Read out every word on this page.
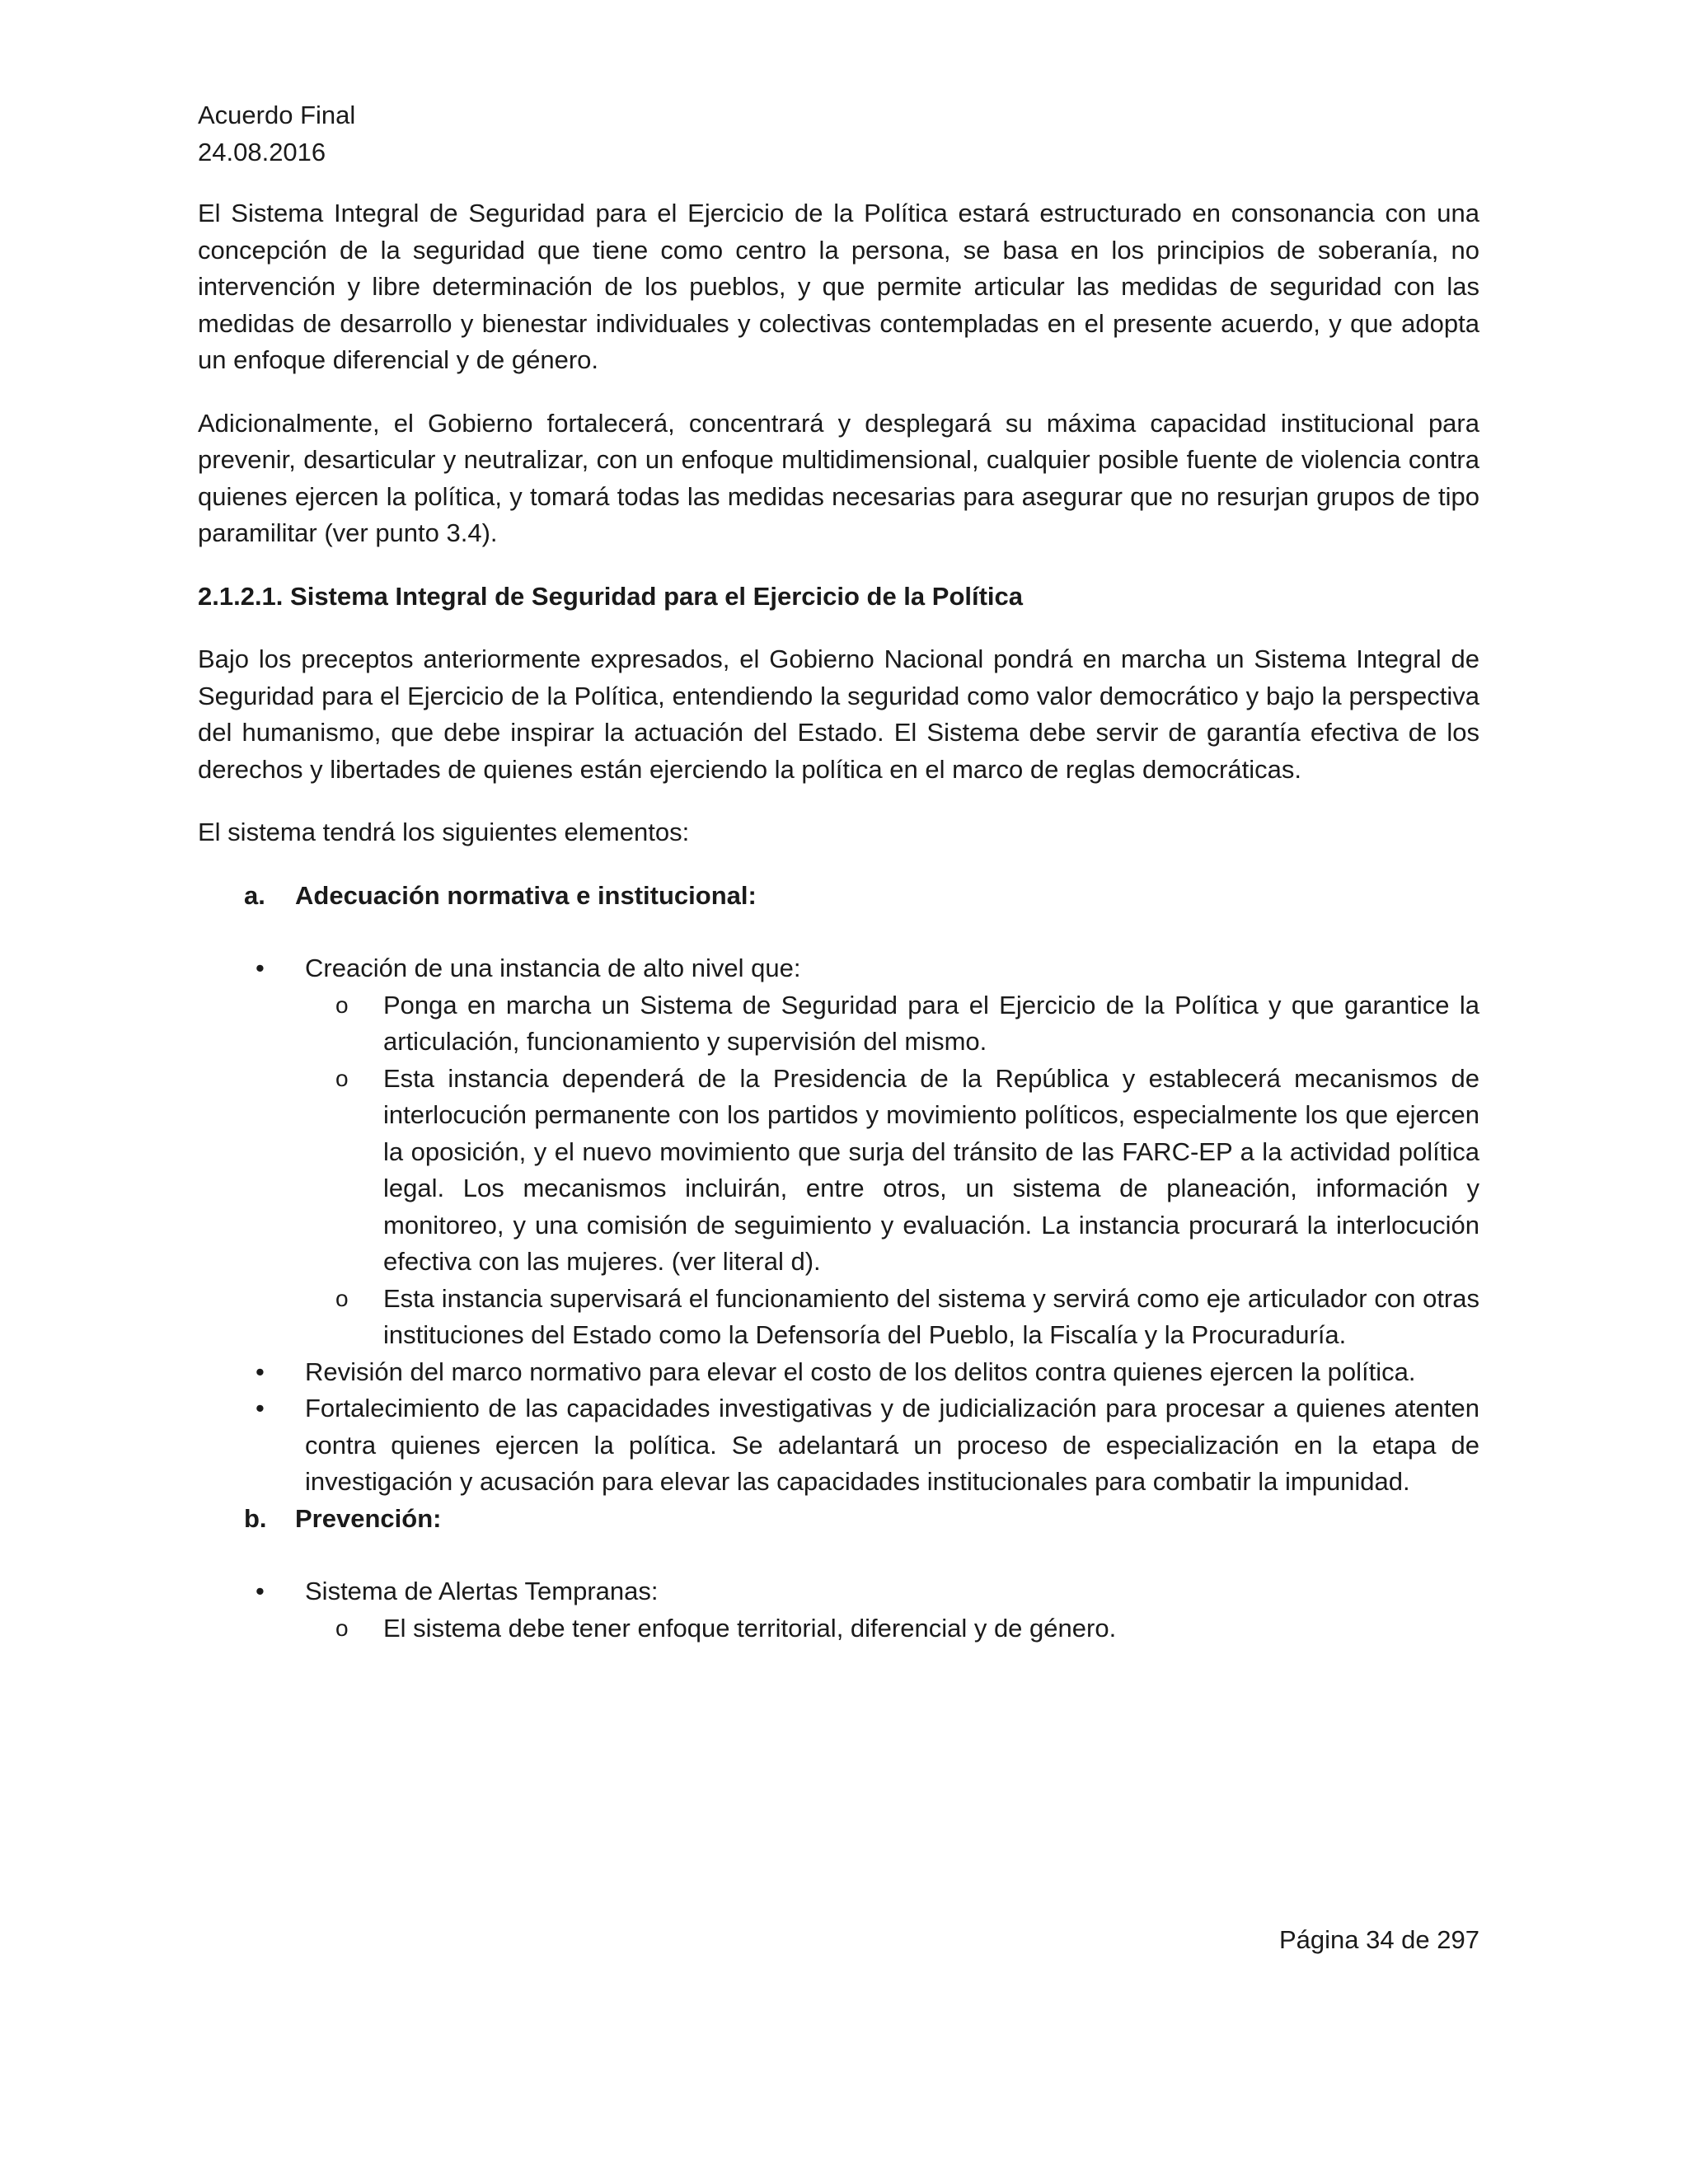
Acuerdo Final
24.08.2016

El Sistema Integral de Seguridad para el Ejercicio de la Política estará estructurado en consonancia con una concepción de la seguridad que tiene como centro la persona, se basa en los principios de soberanía, no intervención y libre determinación de los pueblos, y que permite articular las medidas de seguridad con las medidas de desarrollo y bienestar individuales y colectivas contempladas en el presente acuerdo, y que adopta un enfoque diferencial y de género.

Adicionalmente, el Gobierno fortalecerá, concentrará y desplegará su máxima capacidad institucional para prevenir, desarticular y neutralizar, con un enfoque multidimensional, cualquier posible fuente de violencia contra quienes ejercen la política, y tomará todas las medidas necesarias para asegurar que no resurjan grupos de tipo paramilitar (ver punto 3.4).

2.1.2.1. Sistema Integral de Seguridad para el Ejercicio de la Política

Bajo los preceptos anteriormente expresados, el Gobierno Nacional pondrá en marcha un Sistema Integral de Seguridad para el Ejercicio de la Política, entendiendo la seguridad como valor democrático y bajo la perspectiva del humanismo, que debe inspirar la actuación del Estado. El Sistema debe servir de garantía efectiva de los derechos y libertades de quienes están ejerciendo la política en el marco de reglas democráticas.

El sistema tendrá los siguientes elementos:

a.	Adecuación normativa e institucional:
• Creación de una instancia de alto nivel que:
o Ponga en marcha un Sistema de Seguridad para el Ejercicio de la Política y que garantice la articulación, funcionamiento y supervisión del mismo.
o Esta instancia dependerá de la Presidencia de la República y establecerá mecanismos de interlocución permanente con los partidos y movimiento políticos, especialmente los que ejercen la oposición, y el nuevo movimiento que surja del tránsito de las FARC-EP a la actividad política legal. Los mecanismos incluirán, entre otros, un sistema de planeación, información y monitoreo, y una comisión de seguimiento y evaluación. La instancia procurará la interlocución efectiva con las mujeres. (ver literal d).
o Esta instancia supervisará el funcionamiento del sistema y servirá como eje articulador con otras instituciones del Estado como la Defensoría del Pueblo, la Fiscalía y la Procuraduría.
• Revisión del marco normativo para elevar el costo de los delitos contra quienes ejercen la política.
• Fortalecimiento de las capacidades investigativas y de judicialización para procesar a quienes atenten contra quienes ejercen la política. Se adelantará un proceso de especialización en la etapa de investigación y acusación para elevar las capacidades institucionales para combatir la impunidad.
b.	Prevención:
• Sistema de Alertas Tempranas:
o El sistema debe tener enfoque territorial, diferencial y de género.
Página 34 de 297
